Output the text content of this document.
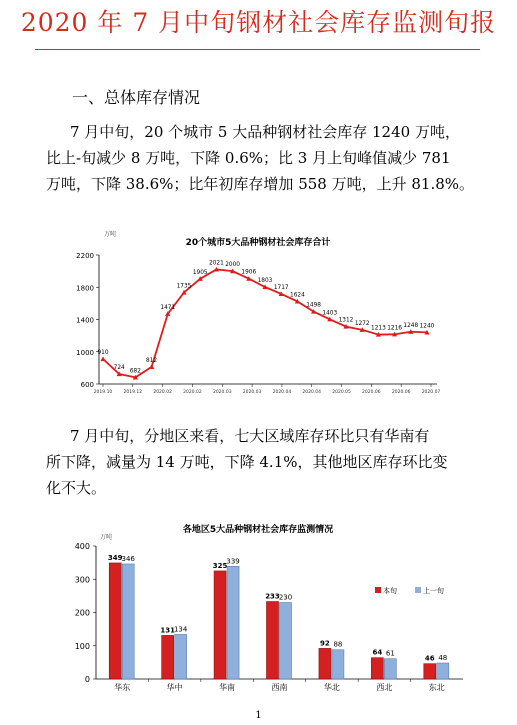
2020 年 7 月中旬钢材社会库存监测旬报
一、总体库存情况
7 月中旬，20 个城市 5 大品种钢材社会库存 1240 万吨，
比上-旬减少 8 万吨，下降 0.6%；比 3 月上旬峰值减少 781
万吨，下降 38.6%；比年初库存增加 558 万吨，上升 81.8%。
20个城市5大品种钢材社会库存合计
万吨
600
1000
1400
1800
2200
2019.10 2019.12 2020.02 2020.02 2020.03 2020.03 2020.04 2020.04 2020.05 2020.06 2020.06 2020.07
910
724
682
812
1471
1735
1905
2021 2000
1906
1803
1717
1624
1498
1403
1312
1272
1213 1216 1248 1240
7 月中旬，分地区来看，七大区域库存环比只有华南有
所下降，减量为 14 万吨，下降 4.1%，其他地区库存环比变
化不大。
各地区5大品种钢材社会库存监测情况
万吨
0
100
200
300
400
华东
349 346
华中
131 134
华南
325
339
西南
233 230
华北
92 88
西北
64 61
东北
46 48
本旬	上一旬
1
